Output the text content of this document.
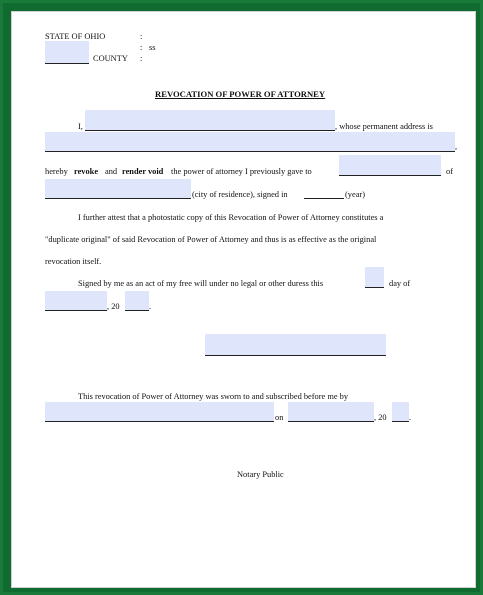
STATE OF OHIO	:
ss
:
COUNTY :
REVOCATION OF POWER OF ATTORNEY
I,	, whose permanent address is
,
hereby revoke and render void the power of attorney I previously gave to	of
(city of residence), signed in	(year)
I further attest that a photostatic copy of this Revocation of Power of Attorney constitutes a
"duplicate original" of said Revocation of Power of Attorney and thus is as effective as the original
revocation itself.
Signed by me as an act of my free will under no legal or other duress this	day of
, 20	.
This revocation of Power of Attorney was sworn to and subscribed before me by
on	, 20	.
Notary Public
